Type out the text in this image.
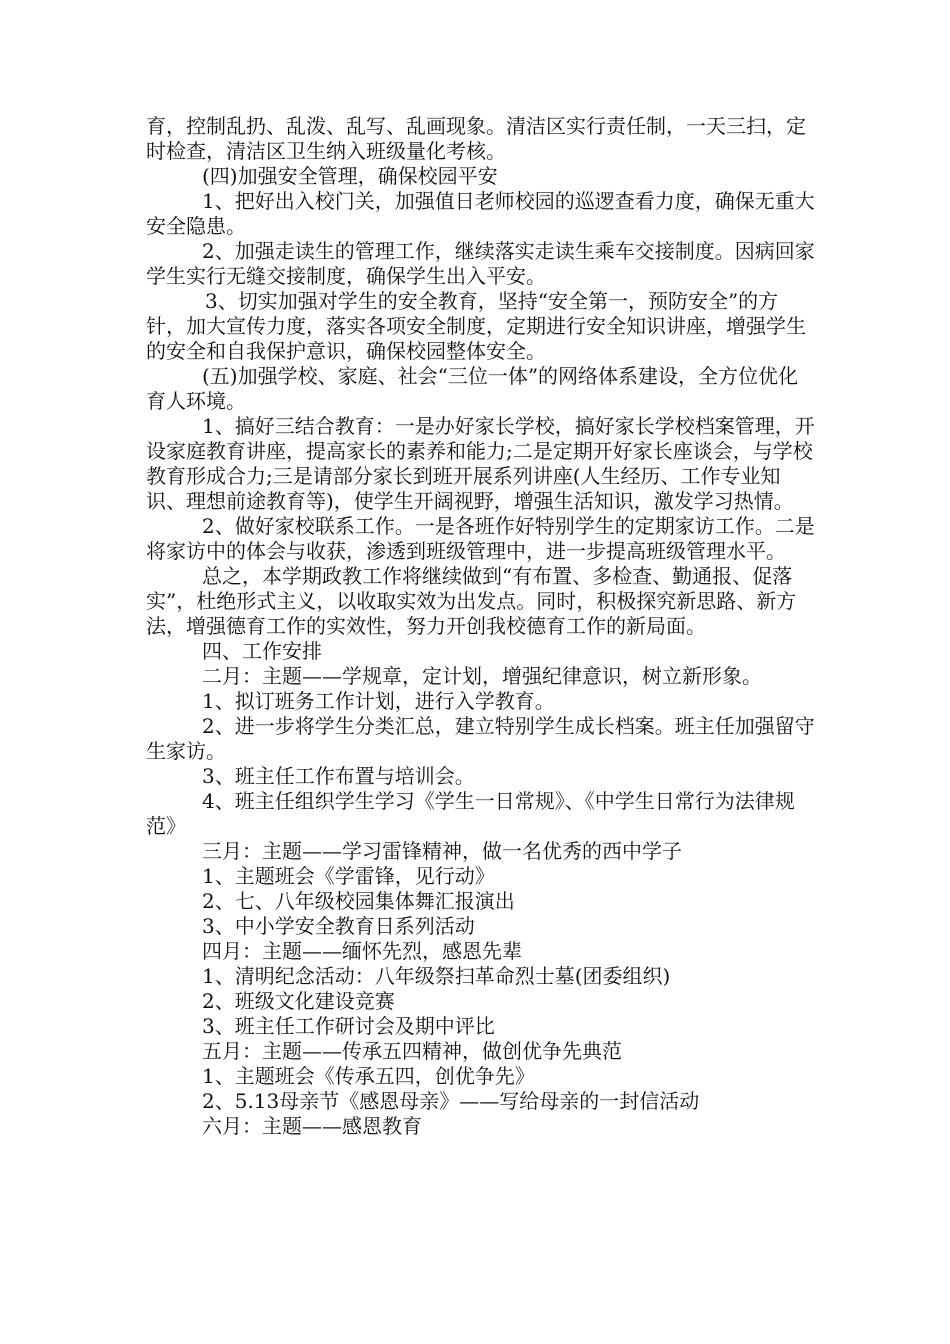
育，控制乱扔、乱泼、乱写、乱画现象。清洁区实行责任制，一天三扫，定时检查，清洁区卫生纳入班级量化考核。

(四)加强安全管理，确保校园平安

1、把好出入校门关，加强值日老师校园的巡逻查看力度，确保无重大安全隐患。

2、加强走读生的管理工作，继续落实走读生乘车交接制度。因病回家学生实行无缝交接制度，确保学生出入平安。

3、切实加强对学生的安全教育，坚持“安全第一，预防安全”的方针，加大宣传力度，落实各项安全制度，定期进行安全知识讲座，增强学生的安全和自我保护意识，确保校园整体安全。

(五)加强学校、家庭、社会“三位一体”的网络体系建设，全方位优化育人环境。

1、搞好三结合教育：一是办好家长学校，搞好家长学校档案管理，开设家庭教育讲座，提高家长的素养和能力;二是定期开好家长座谈会，与学校教育形成合力;三是请部分家长到班开展系列讲座(人生经历、工作专业知识、理想前途教育等)，使学生开阔视野，增强生活知识，激发学习热情。

2、做好家校联系工作。一是各班作好特别学生的定期家访工作。二是将家访中的体会与收获，渗透到班级管理中，进一步提高班级管理水平。

总之，本学期政教工作将继续做到“有布置、多检查、勤通报、促落实”，杜绝形式主义，以收取实效为出发点。同时，积极探究新思路、新方法，增强德育工作的实效性，努力开创我校德育工作的新局面。

四、工作安排

二月：主题——学规章，定计划，增强纪律意识，树立新形象。

1、拟订班务工作计划，进行入学教育。

2、进一步将学生分类汇总，建立特别学生成长档案。班主任加强留守生家访。

3、班主任工作布置与培训会。

4、班主任组织学生学习《学生一日常规》、《中学生日常行为法律规范》

三月：主题——学习雷锋精神，做一名优秀的西中学子

1、主题班会《学雷锋，见行动》

2、七、八年级校园集体舞汇报演出

3、中小学安全教育日系列活动

四月：主题——缅怀先烈，感恩先辈

1、清明纪念活动：八年级祭扫革命烈士墓(团委组织)

2、班级文化建设竞赛

3、班主任工作研讨会及期中评比

五月：主题——传承五四精神，做创优争先典范

1、主题班会《传承五四，创优争先》

2、5.13母亲节《感恩母亲》——写给母亲的一封信活动

六月：主题——感恩教育
